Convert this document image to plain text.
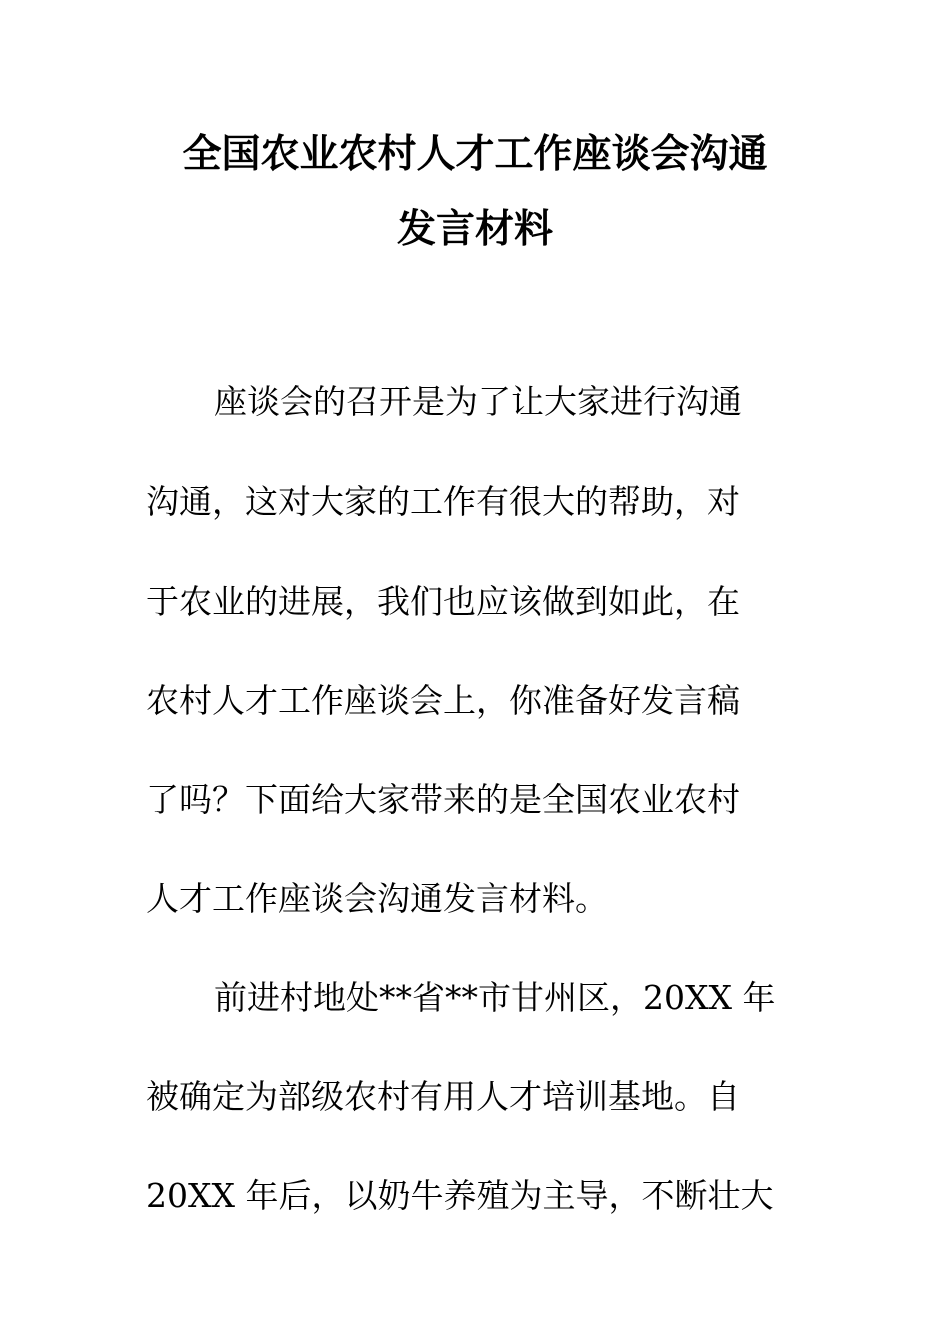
全国农业农村人才工作座谈会沟通
发言材料

座谈会的召开是为了让大家进行沟通

沟通，这对大家的工作有很大的帮助，对

于农业的进展，我们也应该做到如此，在

农村人才工作座谈会上，你准备好发言稿

了吗？下面给大家带来的是全国农业农村

人才工作座谈会沟通发言材料。

前进村地处**省**市甘州区，20XX 年

被确定为部级农村有用人才培训基地。自

20XX 年后，以奶牛养殖为主导，不断壮大
